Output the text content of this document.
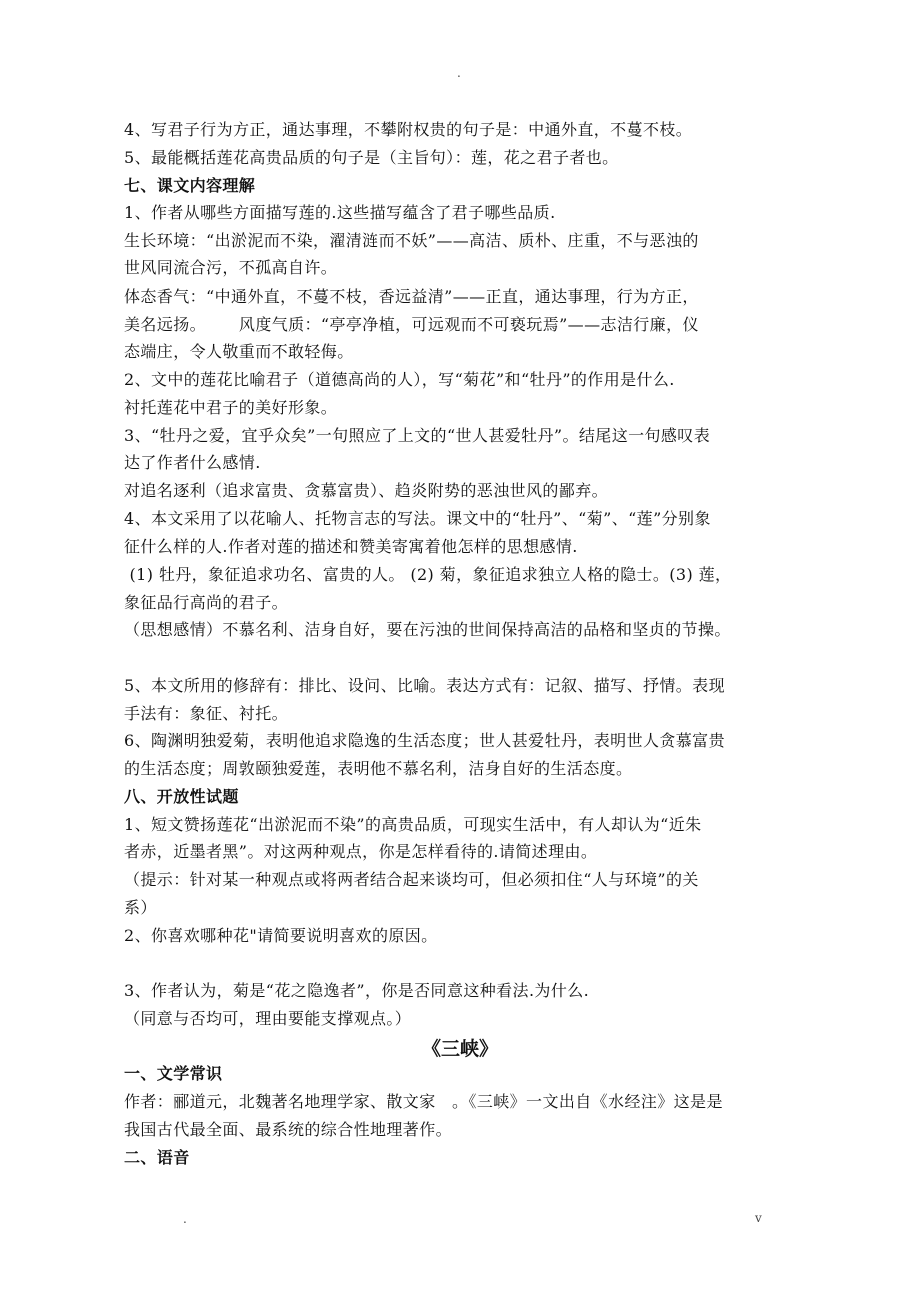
.
4、写君子行为方正，通达事理，不攀附权贵的句子是：中通外直，不蔓不枝。
5、最能概括莲花高贵品质的句子是（主旨句）：莲，花之君子者也。
七、课文内容理解
1、作者从哪些方面描写莲的.这些描写蕴含了君子哪些品质.
生长环境：“出淤泥而不染，濯清涟而不妖”——高洁、质朴、庄重，不与恶浊的
世风同流合污，不孤高自许。
体态香气：“中通外直，不蔓不枝，香远益清”——正直，通达事理，行为方正，
美名远扬。      风度气质：“亭亭净植，可远观而不可亵玩焉”——志洁行廉，仪
态端庄，令人敬重而不敢轻侮。
2、文中的莲花比喻君子（道德高尚的人），写“菊花”和“牡丹”的作用是什么.
衬托莲花中君子的美好形象。
3、“牡丹之爱，宜乎众矣”一句照应了上文的“世人甚爱牡丹”。结尾这一句感叹表
达了作者什么感情.
对追名逐利（追求富贵、贪慕富贵）、趋炎附势的恶浊世风的鄙弃。
4、本文采用了以花喻人、托物言志的写法。课文中的“牡丹”、“菊”、“莲”分别象
征什么样的人.作者对莲的描述和赞美寄寓着他怎样的思想感情.
(1) 牡丹，象征追求功名、富贵的人。 (2) 菊，象征追求独立人格的隐士。(3) 莲，
象征品行高尚的君子。
（思想感情）不慕名利、洁身自好，要在污浊的世间保持高洁的品格和坚贞的节操。
5、本文所用的修辞有：排比、设问、比喻。表达方式有：记叙、描写、抒情。表现
手法有：象征、衬托。
6、陶渊明独爱菊，表明他追求隐逸的生活态度；世人甚爱牡丹，表明世人贪慕富贵
的生活态度；周敦颐独爱莲，表明他不慕名利，洁身自好的生活态度。
八、开放性试题
1、短文赞扬莲花“出淤泥而不染”的高贵品质，可现实生活中，有人却认为“近朱
者赤，近墨者黑”。对这两种观点，你是怎样看待的.请简述理由。
（提示：针对某一种观点或将两者结合起来谈均可，但必须扣住“人与环境”的关
系）
2、你喜欢哪种花"请简要说明喜欢的原因。
3、作者认为，菊是“花之隐逸者”，你是否同意这种看法.为什么.
（同意与否均可，理由要能支撑观点。）
《三峡》
一、文学常识
作者：郦道元，北魏著名地理学家、散文家   。《三峡》一文出自《水经注》这是是
我国古代最全面、最系统的综合性地理著作。
二、语音
.	v
